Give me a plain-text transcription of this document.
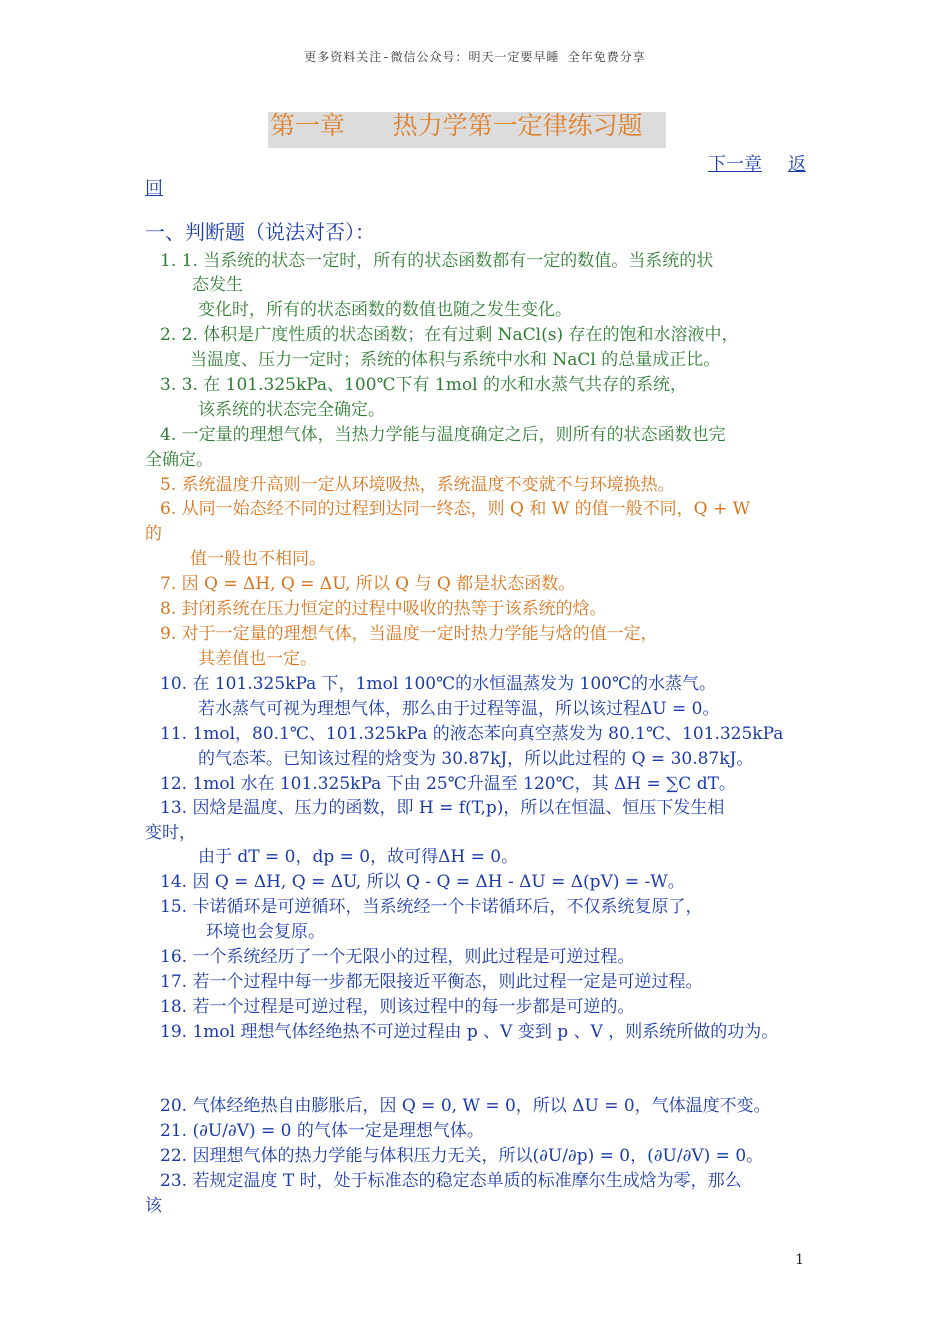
更多资料关注-微信公众号：明天一定要早睡 全年免费分享
第一章      热力学第一定律练习题
下一章 返
回
一、判断题（说法对否）：
1. 1. 当系统的状态一定时，所有的状态函数都有一定的数值。当系统的状
态发生
变化时，所有的状态函数的数值也随之发生变化。
2. 2. 体积是广度性质的状态函数；在有过剩 NaCl(s) 存在的饱和水溶液中，
当温度、压力一定时；系统的体积与系统中水和 NaCl 的总量成正比。
3. 3. 在 101.325kPa、100℃下有 1mol 的水和水蒸气共存的系统，
该系统的状态完全确定。
4. 一定量的理想气体，当热力学能与温度确定之后，则所有的状态函数也完
全确定。
5. 系统温度升高则一定从环境吸热，系统温度不变就不与环境换热。
6. 从同一始态经不同的过程到达同一终态，则 Q 和 W 的值一般不同，Q + W
的
值一般也不相同。
7. 因 Q = ΔH, Q = ΔU, 所以 Q 与 Q 都是状态函数。
8. 封闭系统在压力恒定的过程中吸收的热等于该系统的焓。
9. 对于一定量的理想气体，当温度一定时热力学能与焓的值一定，
其差值也一定。
10. 在 101.325kPa 下，1mol 100℃的水恒温蒸发为 100℃的水蒸气。
若水蒸气可视为理想气体，那么由于过程等温，所以该过程ΔU = 0。
11. 1mol，80.1℃、101.325kPa 的液态苯向真空蒸发为 80.1℃、101.325kPa
的气态苯。已知该过程的焓变为 30.87kJ，所以此过程的 Q = 30.87kJ。
12. 1mol 水在 101.325kPa 下由 25℃升温至 120℃，其 ΔH = ∑C dT。
13. 因焓是温度、压力的函数，即 H = f(T,p)，所以在恒温、恒压下发生相
变时，
由于 dT = 0，dp = 0，故可得ΔH = 0。
14. 因 Q = ΔH, Q = ΔU, 所以 Q - Q = ΔH - ΔU = Δ(pV) = -W。
15. 卡诺循环是可逆循环，当系统经一个卡诺循环后，不仅系统复原了，
环境也会复原。
16. 一个系统经历了一个无限小的过程，则此过程是可逆过程。
17. 若一个过程中每一步都无限接近平衡态，则此过程一定是可逆过程。
18. 若一个过程是可逆过程，则该过程中的每一步都是可逆的。
19. 1mol 理想气体经绝热不可逆过程由 p 、V 变到 p 、V ，则系统所做的功为。
20. 气体经绝热自由膨胀后，因 Q = 0, W = 0，所以 ΔU = 0，气体温度不变。
21. (∂U/∂V) = 0 的气体一定是理想气体。
22. 因理想气体的热力学能与体积压力无关，所以(∂U/∂p) = 0，(∂U/∂V) = 0。
23. 若规定温度 T 时，处于标准态的稳定态单质的标准摩尔生成焓为零，那么
该
1
